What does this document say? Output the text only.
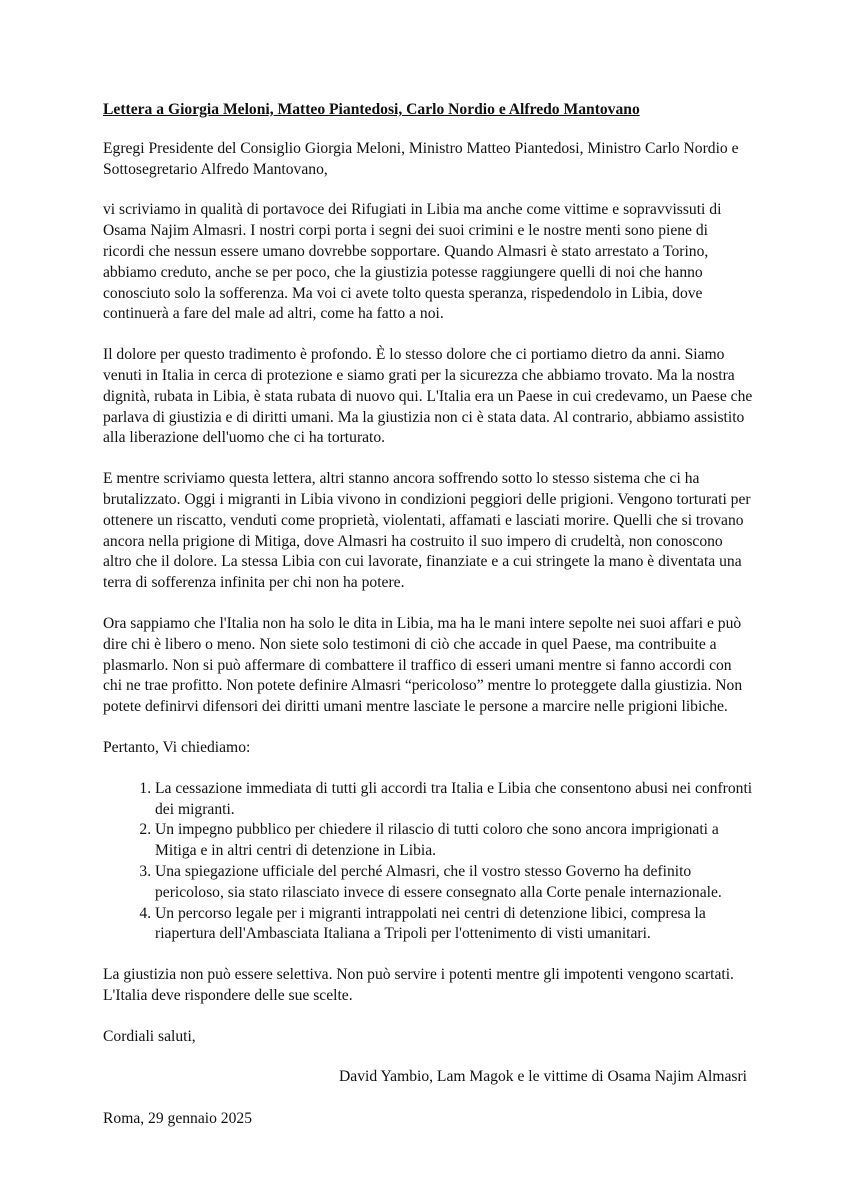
Lettera a Giorgia Meloni, Matteo Piantedosi, Carlo Nordio e Alfredo Mantovano

Egregi Presidente del Consiglio Giorgia Meloni, Ministro Matteo Piantedosi, Ministro Carlo Nordio e
Sottosegretario Alfredo Mantovano,

vi scriviamo in qualità di portavoce dei Rifugiati in Libia ma anche come vittime e sopravvissuti di Osama Najim Almasri. I nostri corpi porta i segni dei suoi crimini e le nostre menti sono piene di ricordi che nessun essere umano dovrebbe sopportare. Quando Almasri è stato arrestato a Torino, abbiamo creduto, anche se per poco, che la giustizia potesse raggiungere quelli di noi che hanno conosciuto solo la sofferenza. Ma voi ci avete tolto questa speranza, rispedendolo in Libia, dove continuerà a fare del male ad altri, come ha fatto a noi.

Il dolore per questo tradimento è profondo. È lo stesso dolore che ci portiamo dietro da anni. Siamo venuti in Italia in cerca di protezione e siamo grati per la sicurezza che abbiamo trovato. Ma la nostra dignità, rubata in Libia, è stata rubata di nuovo qui. L'Italia era un Paese in cui credevamo, un Paese che parlava di giustizia e di diritti umani. Ma la giustizia non ci è stata data. Al contrario, abbiamo assistito alla liberazione dell'uomo che ci ha torturato.

E mentre scriviamo questa lettera, altri stanno ancora soffrendo sotto lo stesso sistema che ci ha brutalizzato. Oggi i migranti in Libia vivono in condizioni peggiori delle prigioni. Vengono torturati per ottenere un riscatto, venduti come proprietà, violentati, affamati e lasciati morire. Quelli che si trovano ancora nella prigione di Mitiga, dove Almasri ha costruito il suo impero di crudeltà, non conoscono altro che il dolore. La stessa Libia con cui lavorate, finanziate e a cui stringete la mano è diventata una terra di sofferenza infinita per chi non ha potere.

Ora sappiamo che l'Italia non ha solo le dita in Libia, ma ha le mani intere sepolte nei suoi affari e può dire chi è libero o meno. Non siete solo testimoni di ciò che accade in quel Paese, ma contribuite a plasmarlo. Non si può affermare di combattere il traffico di esseri umani mentre si fanno accordi con chi ne trae profitto. Non potete definire Almasri “pericoloso” mentre lo proteggete dalla giustizia. Non potete definirvi difensori dei diritti umani mentre lasciate le persone a marcire nelle prigioni libiche.

Pertanto, Vi chiediamo:

1. La cessazione immediata di tutti gli accordi tra Italia e Libia che consentono abusi nei confronti dei migranti.
2. Un impegno pubblico per chiedere il rilascio di tutti coloro che sono ancora imprigionati a Mitiga e in altri centri di detenzione in Libia.
3. Una spiegazione ufficiale del perché Almasri, che il vostro stesso Governo ha definito pericoloso, sia stato rilasciato invece di essere consegnato alla Corte penale internazionale.
4. Un percorso legale per i migranti intrappolati nei centri di detenzione libici, compresa la riapertura dell'Ambasciata Italiana a Tripoli per l'ottenimento di visti umanitari.

La giustizia non può essere selettiva. Non può servire i potenti mentre gli impotenti vengono scartati. L'Italia deve rispondere delle sue scelte.

Cordiali saluti,

David Yambio, Lam Magok e le vittime di Osama Najim Almasri

Roma, 29 gennaio 2025
